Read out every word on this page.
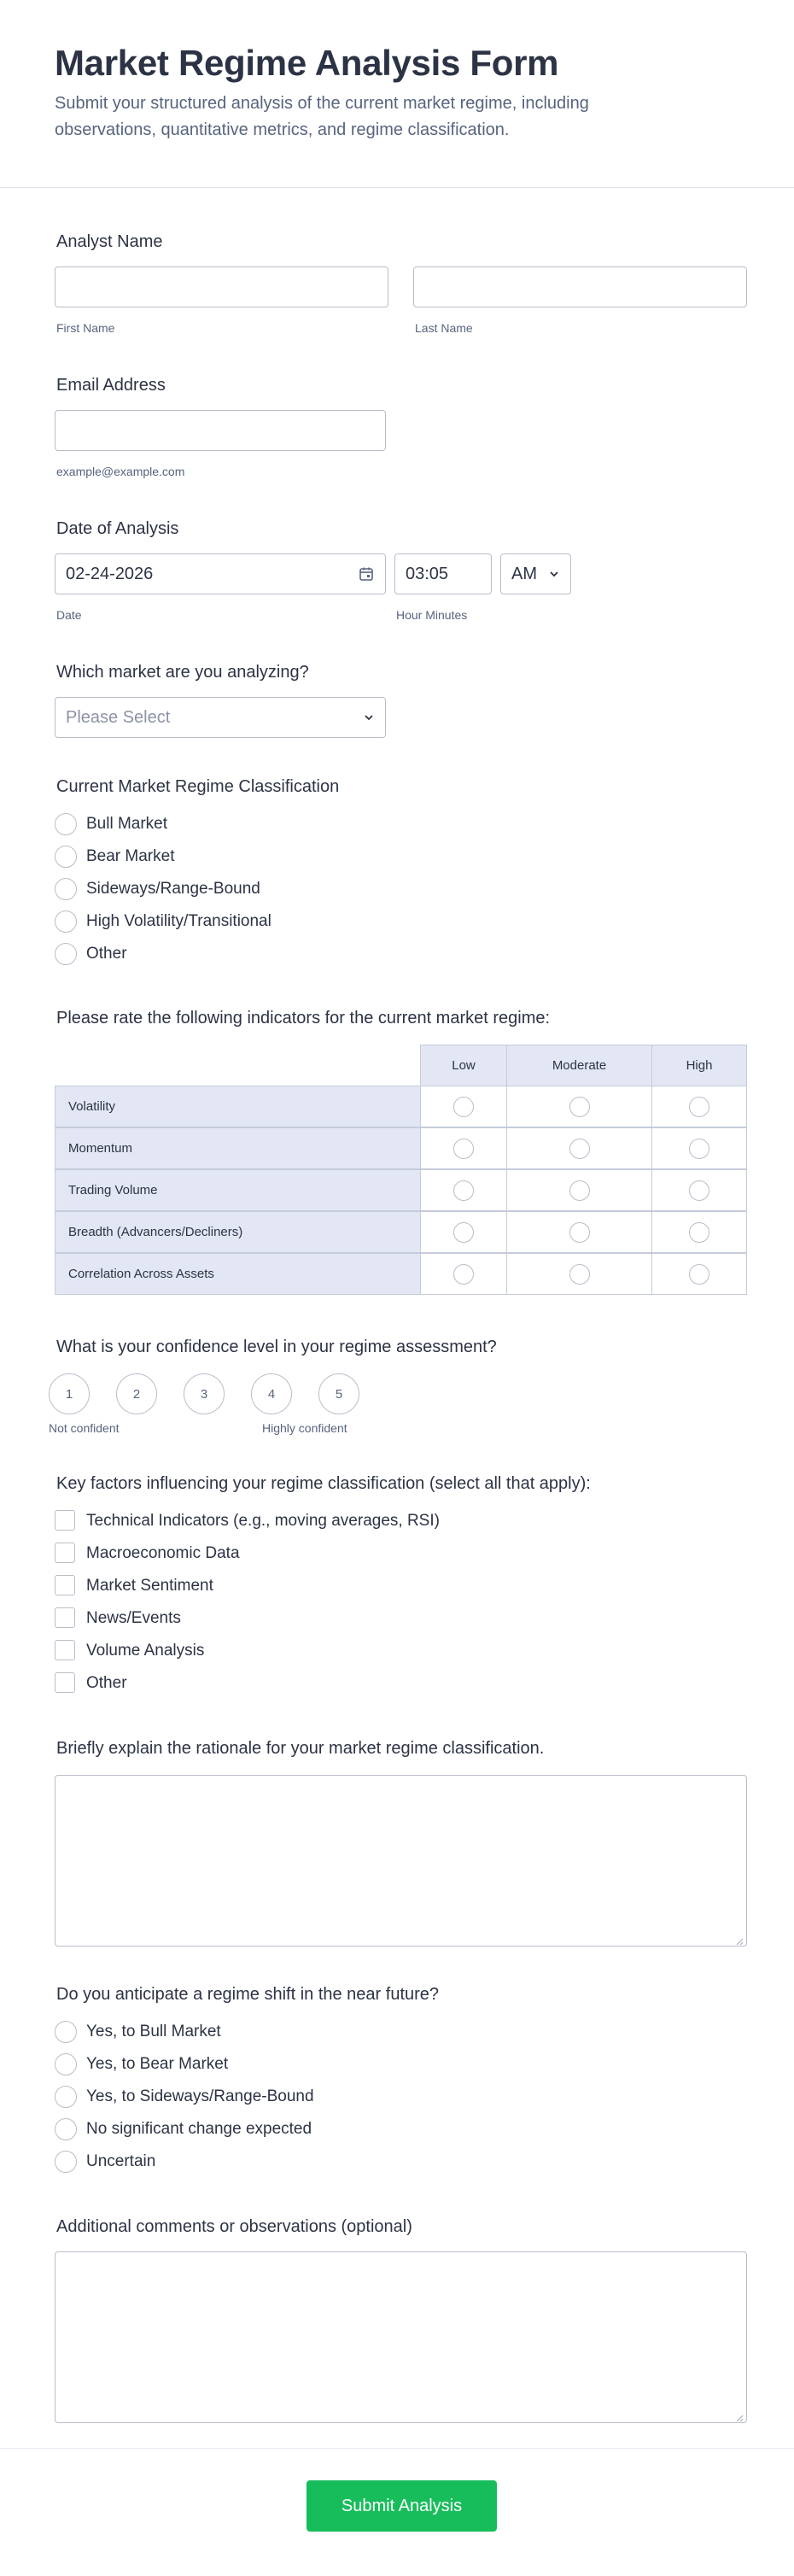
Market Regime Analysis Form

Submit your structured analysis of the current market regime, including observations, quantitative metrics, and regime classification.

Analyst Name
First Name	Last Name
Email Address
example@example.com
Date of Analysis
02-24-2026
Date
03:05	AM
Hour Minutes
Which market are you analyzing?
Please Select
Current Market Regime Classification
Bull Market
Bear Market
Sideways/Range-Bound
High Volatility/Transitional
Other
Please rate the following indicators for the current market regime:
Low	Moderate	High
Volatility
Momentum
Trading Volume
Breadth (Advancers/Decliners)
Correlation Across Assets
What is your confidence level in your regime assessment?
1	2	3	4	5
Not confident	Highly confident
Key factors influencing your regime classification (select all that apply):
Technical Indicators (e.g., moving averages, RSI)
Macroeconomic Data
Market Sentiment
News/Events
Volume Analysis
Other
Briefly explain the rationale for your market regime classification.
Do you anticipate a regime shift in the near future?
Yes, to Bull Market
Yes, to Bear Market
Yes, to Sideways/Range-Bound
No significant change expected
Uncertain
Additional comments or observations (optional)
Submit Analysis
